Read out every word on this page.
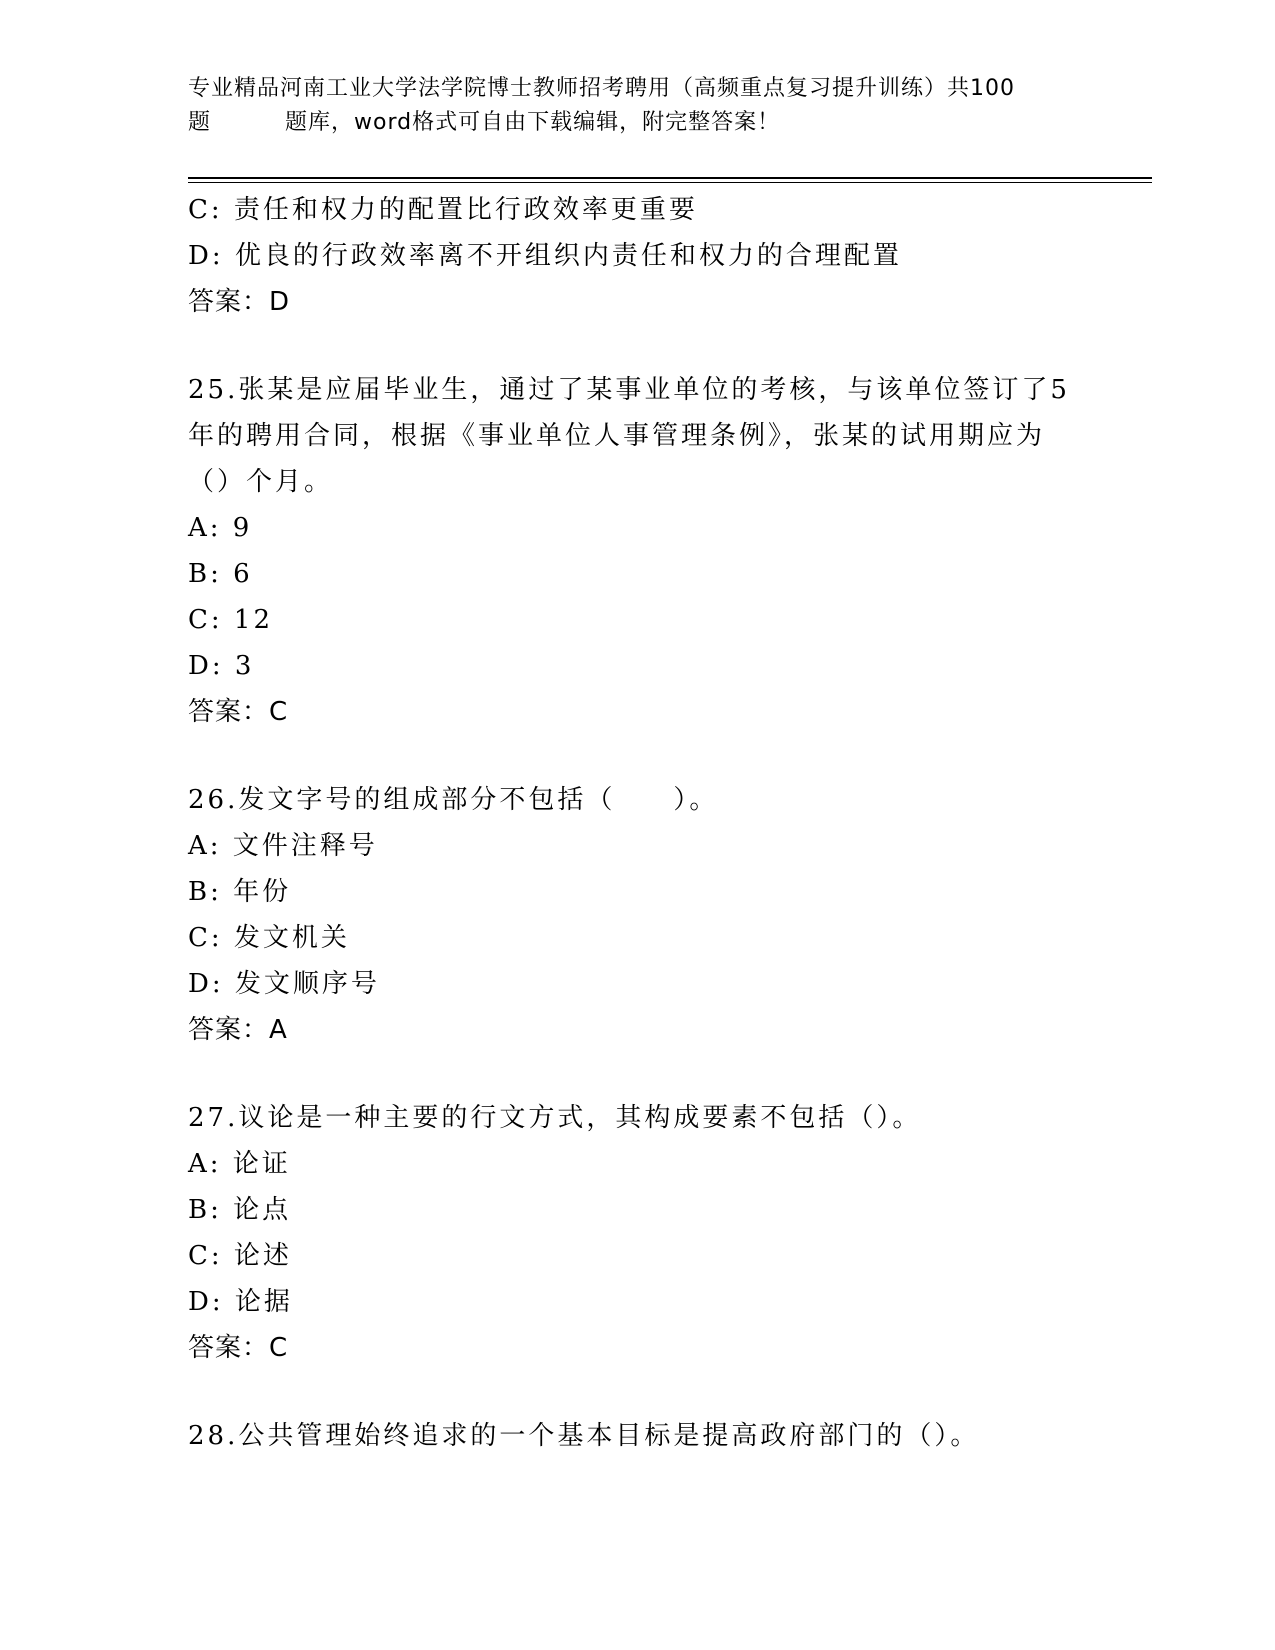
专业精品河南工业大学法学院博士教师招考聘用（高频重点复习提升训练）共100
题	题库，word格式可自由下载编辑，附完整答案！
C: 责任和权力的配置比行政效率更重要
D: 优良的行政效率离不开组织内责任和权力的合理配置
答案：D
25.张某是应届毕业生，通过了某事业单位的考核，与该单位签订了5
年的聘用合同，根据《事业单位人事管理条例》，张某的试用期应为
（）个月。
A: 9
B: 6
C: 12
D: 3
答案：C
26.发文字号的组成部分不包括（　　）。
A: 文件注释号
B: 年份
C: 发文机关
D: 发文顺序号
答案：A
27.议论是一种主要的行文方式，其构成要素不包括（）。
A: 论证
B: 论点
C: 论述
D: 论据
答案：C
28.公共管理始终追求的一个基本目标是提高政府部门的（）。
